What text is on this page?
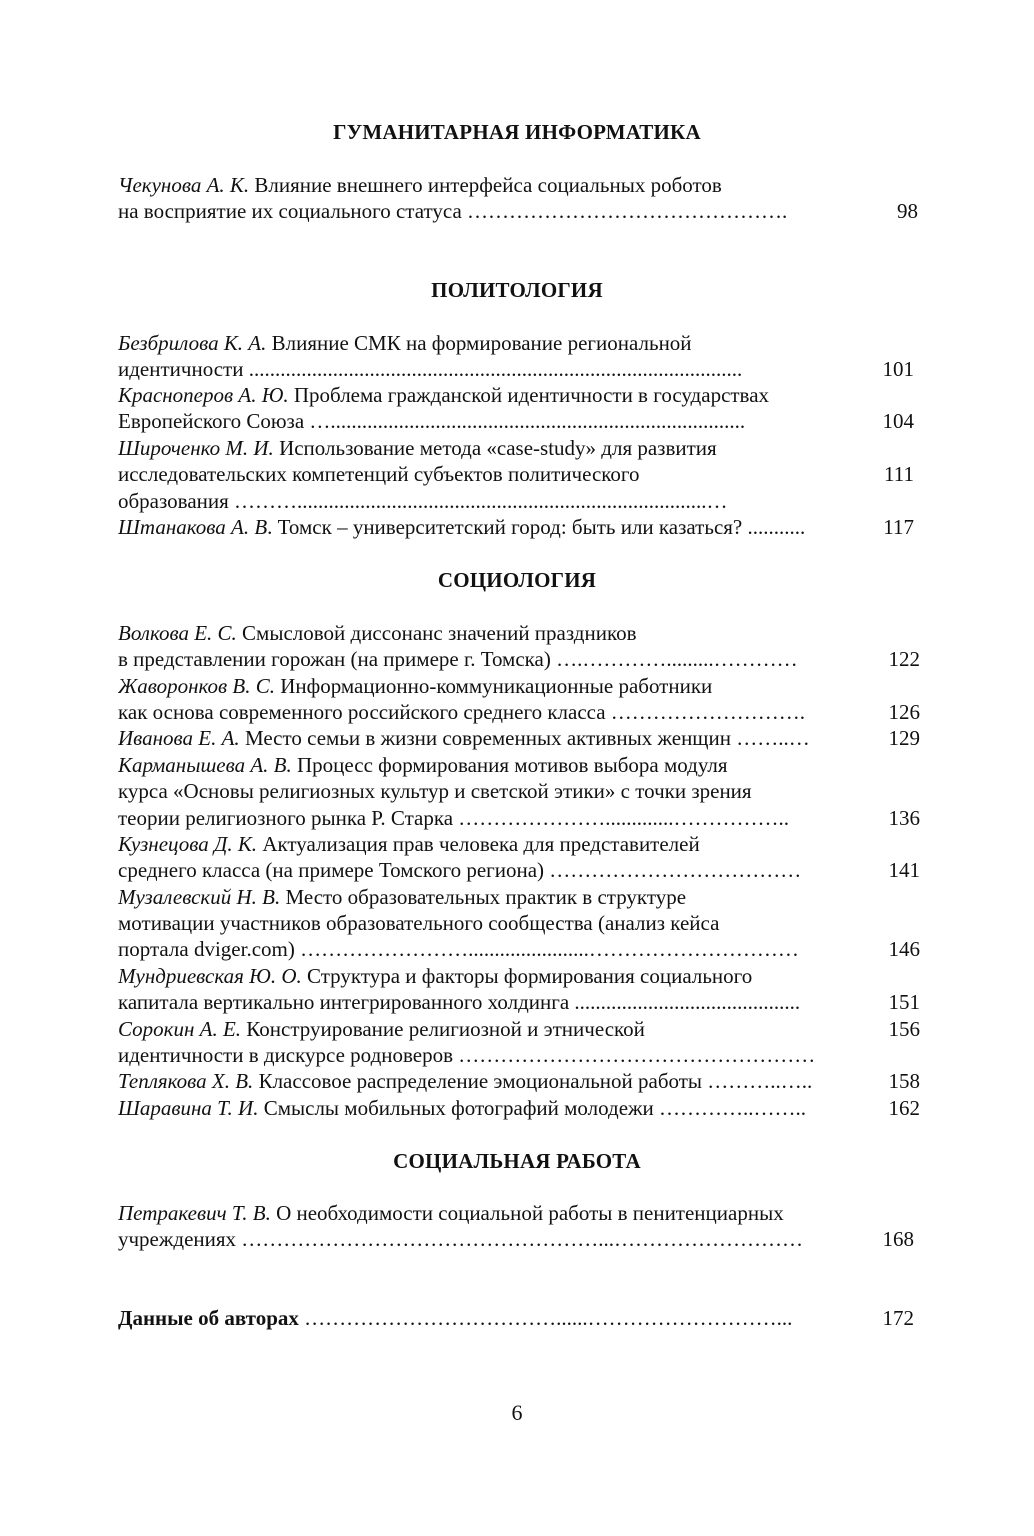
ГУМАНИТАРНАЯ ИНФОРМАТИКА
Чекунова А. К. Влияние внешнего интерфейса социальных роботов
на восприятие их социального статуса ……………………………………….	98
ПОЛИТОЛОГИЯ
Безбрилова К. А. Влияние СМК на формирование региональной
идентичности ..............................................................................................	101
Красноперов А. Ю. Проблема гражданской идентичности в государствах
Европейского Союза …...............................................................................	104
Широченко М. И. Использование метода «case-study» для развития
исследовательских компетенций субъектов политического	111
образования ………..............................................................................…
Штанакова А. В. Томск – университетский город: быть или казаться? ...........	117
СОЦИОЛОГИЯ
Волкова Е. С. Смысловой диссонанс значений праздников
в представлении горожан (на примере г. Томска) ….………….........…………	122
Жаворонков В. С. Информационно-коммуникационные работники
как основа современного российского среднего класса ……………………….	126
Иванова Е. А. Место семьи в жизни современных активных женщин ……..…	129
Карманышева А. В. Процесс формирования мотивов выбора модуля
курса «Основы религиозных культур и светской этики» с точки зрения
теории религиозного рынка Р. Старка ………………….............……………..	136
Кузнецова Д. К. Актуализация прав человека для представителей
среднего класса (на примере Томского региона) ………………………………	141
Музалевский Н. В. Место образовательных практик в структуре
мотивации участников образовательного сообщества (анализ кейса
портала dviger.com) …………………….......................…………………………	146
Мундриевская Ю. О. Структура и факторы формирования социального
капитала вертикально интегрированного холдинга ...........................................	151
Сорокин А. Е. Конструирование религиозной и этнической	156
идентичности в дискурсе родноверов ……………………………………………
Теплякова Х. В. Классовое распределение эмоциональной работы ………..…..	158
Шаравина Т. И. Смыслы мобильных фотографий молодежи …………..……..	162
СОЦИАЛЬНАЯ РАБОТА
Петракевич Т. В. О необходимости социальной работы в пенитенциарных
учреждениях ……………………………………………...………………………	168
Данные об авторах ………………………………......………………………...	172
6
